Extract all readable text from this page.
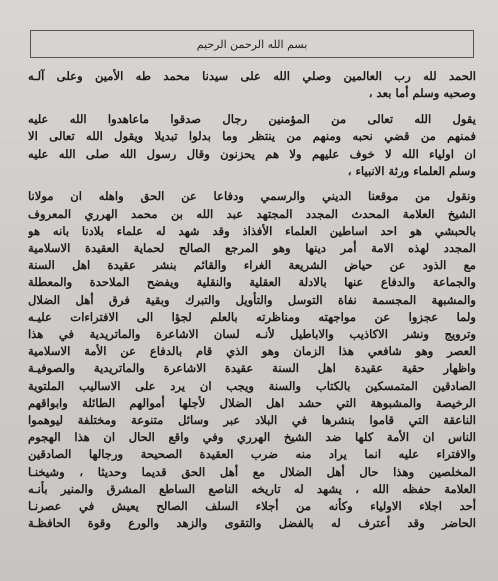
بسم الله الرحمن الرحيم
الحمد لله رب العالمين وصلي الله على سيدنا محمد طه الأمين وعلى آلـه
وصحبه وسلم أما بعد ،
يقول الله تعالى من المؤمنين رجال صدقوا ماعاهدوا الله عليه
فمنهم من قضي نحبه ومنهم من ينتظر وما بدلوا تبديلا ويقول الله تعالى الا
ان اولياء الله لا خوف عليهم ولا هم يحزنون وقال رسول الله صلى الله عليه
وسلم العلماء ورثة الانبياء ،
ونقول من موقعنا الديني والرسمي ودفاعا عن الحق واهله ان مولانا
الشيخ العلامة المحدث المجدد المجتهد عبد الله بن محمد الهرري المعروف
بالحبشي هو احد اساطين العلماء الأفذاذ وقد شهد له علماء بلادنا بانه هو
المجدد لهذه الامة أمر دينها وهو المرجع الصالح لحماية العقيدة الاسلامية
مع الذود عن حياض الشريعة الغراء والقائم بنشر عقيدة اهل السنة
والجماعة والدفاع عنها بالادلة العقلية والنقلية ويفضح الملاحدة والمعطلة
والمشبهة المجسمة نفاة التوسل والتأويل والتبرك وبقية فرق أهل الضلال
ولما عجزوا عن مواجهته ومناظرته بالعلم لجؤا الى الافتراءات عليـه
وترويج ونشر الاكاذيب والاباطيل لأنـه لسان الاشاعرة والماتريدية في هذا
العصر وهو شافعي هذا الزمان وهو الذي قام بالدفاع عن الأمة الاسلامية
واظهار حقية عقيدة اهل السنة عقيدة الاشاعرة والماتريدية والصوفيـة
الصادقين المتمسكين بالكتاب والسنة ويجب ان يرد على الاساليب الملتوية
الرخيصة والمشبوهة التي حشد اهل الضلال لأجلها أموالهم الطائلة وابواقهم
الناعقة التي قاموا بنشرها في البلاد عبر وسائل متنوعة ومختلفة ليوهموا
الناس ان الأمة كلها ضد الشيخ الهرري وفي واقع الحال ان هذا الهجوم
والافتراء عليه انما يراد منه ضرب العقيدة الصحيحة ورجالها الصادقين
المخلصين وهذا حال أهل الضلال مع أهل الحق قديما وحديثا ، وشيخنـا
العلامة حفظه الله ، يشهد له تاريخه الناصع الساطع المشرق والمنير بأنـه
أحد اجلاء الاولياء وكأنه من أجلاء السلف الصالح يعيش في عصرنـا
الحاضر وقد أعترف له بالفضل والتقوى والزهد والورع وقوة الحافظـة
